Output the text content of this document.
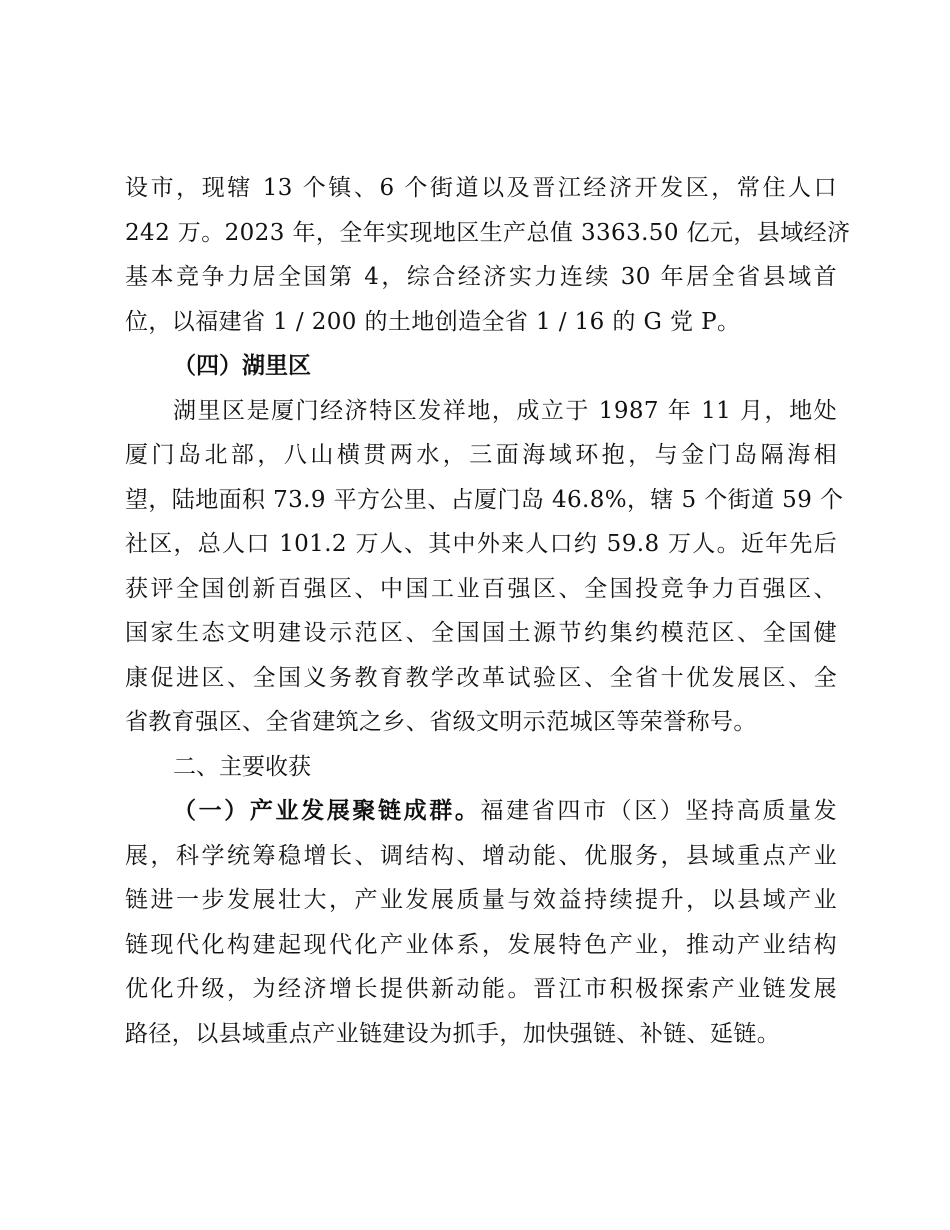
设市，现辖 13 个镇、6 个街道以及晋江经济开发区，常住人口
242 万。2023 年，全年实现地区生产总值 3363.50 亿元，县域经济
基本竞争力居全国第 4，综合经济实力连续 30 年居全省县域首
位，以福建省 1 / 200 的土地创造全省 1 / 16 的 G 党 P。
（四）湖里区
湖里区是厦门经济特区发祥地，成立于 1987 年 11 月，地处
厦门岛北部，八山横贯两水，三面海域环抱，与金门岛隔海相
望，陆地面积 73.9 平方公里、占厦门岛 46.8%，辖 5 个街道 59 个
社区，总人口 101.2 万人、其中外来人口约 59.8 万人。近年先后
获评全国创新百强区、中国工业百强区、全国投竞争力百强区、
国家生态文明建设示范区、全国国土源节约集约模范区、全国健
康促进区、全国义务教育教学改革试验区、全省十优发展区、全
省教育强区、全省建筑之乡、省级文明示范城区等荣誉称号。
二、主要收获
（一）产业发展聚链成群。福建省四市（区）坚持高质量发
展，科学统筹稳增长、调结构、增动能、优服务，县域重点产业
链进一步发展壮大，产业发展质量与效益持续提升，以县域产业
链现代化构建起现代化产业体系，发展特色产业，推动产业结构
优化升级，为经济增长提供新动能。晋江市积极探索产业链发展
路径，以县域重点产业链建设为抓手，加快强链、补链、延链。
